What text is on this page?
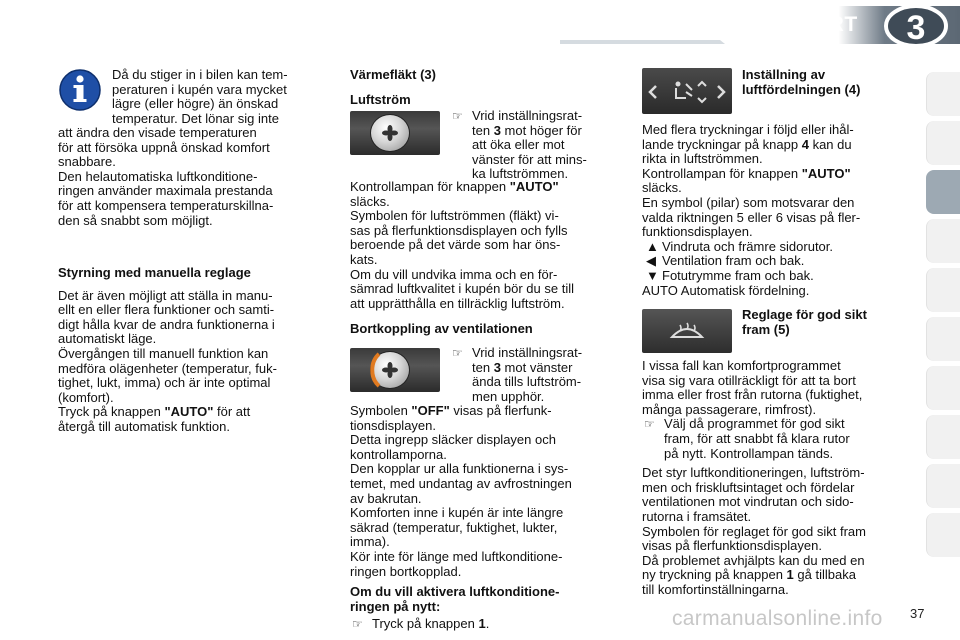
KOMFORT	3
Då du stiger in i bilen kan tem-
peraturen i kupén vara mycket
lägre (eller högre) än önskad
temperatur. Det lönar sig inte
att ändra den visade temperaturen
för att försöka uppnå önskad komfort
snabbare.
Den helautomatiska luftkonditione-
ringen använder maximala prestanda
för att kompensera temperaturskillna-
den så snabbt som möjligt.
Styrning med manuella reglage
Det är även möjligt att ställa in manu-
ellt en eller flera funktioner och samti-
digt hålla kvar de andra funktionerna i
automatiskt läge.
Övergången till manuell funktion kan
medföra olägenheter (temperatur, fuk-
tighet, lukt, imma) och är inte optimal
(komfort).
Tryck på knappen "AUTO" för att
återgå till automatisk funktion.
Värmefläkt (3)
Luftström
☞ Vrid inställningsrat-
ten 3 mot höger för
att öka eller mot
vänster för att mins-
ka luftströmmen.
Kontrollampan för knappen "AUTO"
släcks.
Symbolen för luftströmmen (fläkt) vi-
sas på flerfunktionsdisplayen och fylls
beroende på det värde som har öns-
kats.
Om du vill undvika imma och en för-
sämrad luftkvalitet i kupén bör du se till
att upprätthålla en tillräcklig luftström.
Bortkoppling av ventilationen
☞ Vrid inställningsrat-
ten 3 mot vänster
ända tills luftström-
men upphör.
Symbolen "OFF" visas på flerfunk-
tionsdisplayen.
Detta ingrepp släcker displayen och
kontrollamporna.
Den kopplar ur alla funktionerna i sys-
temet, med undantag av avfrostningen
av bakrutan.
Komforten inne i kupén är inte längre
säkrad (temperatur, fuktighet, lukter,
imma).
Kör inte för länge med luftkonditione-
ringen bortkopplad.
Om du vill aktivera luftkonditione-
ringen på nytt:
☞ Tryck på knappen 1.
Inställning av
luftfördelningen (4)
Med flera tryckningar i följd eller ihål-
lande tryckningar på knapp 4 kan du
rikta in luftströmmen.
Kontrollampan för knappen "AUTO"
släcks.
En symbol (pilar) som motsvarar den
valda riktningen 5 eller 6 visas på fler-
funktionsdisplayen.
▲ Vindruta och främre sidorutor.
◀ Ventilation fram och bak.
▼ Fotutrymme fram och bak.
AUTO Automatisk fördelning.
Reglage för god sikt
fram (5)
I vissa fall kan komfortprogrammet
visa sig vara otillräckligt för att ta bort
imma eller frost från rutorna (fuktighet,
många passagerare, rimfrost).
☞ Välj då programmet för god sikt
fram, för att snabbt få klara rutor
på nytt. Kontrollampan tänds.
Det styr luftkonditioneringen, luftström-
men och friskluftsintaget och fördelar
ventilationen mot vindrutan och sido-
rutorna i framsätet.
Symbolen för reglaget för god sikt fram
visas på flerfunktionsdisplayen.
Då problemet avhjälpts kan du med en
ny tryckning på knappen 1 gå tillbaka
till komfortinställningarna.
carmanualsonline.info 37
